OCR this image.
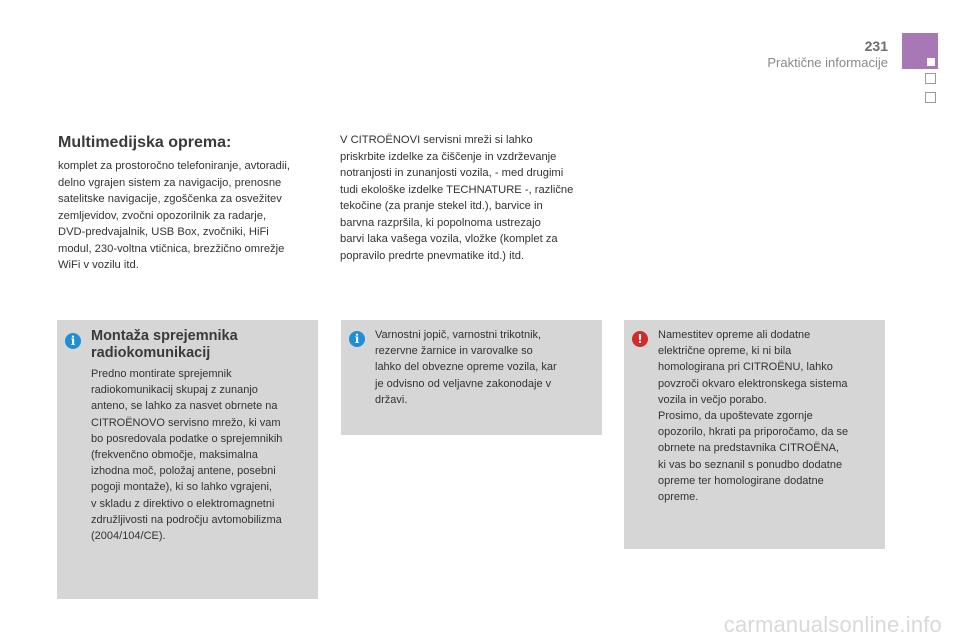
231
Praktične informacije
Multimedijska oprema:

komplet za prostoročno telefoniranje, avtoradii,
delno vgrajen sistem za navigacijo, prenosne
satelitske navigacije, zgoščenka za osvežitev
zemljevidov, zvočni opozorilnik za radarje,
DVD-predvajalnik, USB Box, zvočniki, HiFi
modul, 230-voltna vtičnica, brezžično omrežje
WiFi v vozilu itd.

V CITROËNOVI servisni mreži si lahko
priskrbite izdelke za čiščenje in vzdrževanje
notranjosti in zunanjosti vozila, - med drugimi
tudi ekološke izdelke TECHNATURE -, različne
tekočine (za pranje stekel itd.), barvice in
barvna razpršila, ki popolnoma ustrezajo
barvi laka vašega vozila, vložke (komplet za
popravilo predrte pnevmatike itd.) itd.

i	Montaža sprejemnika
radiokomunikacij

Predno montirate sprejemnik
radiokomunikacij skupaj z zunanjo
anteno, se lahko za nasvet obrnete na
CITROËNOVO servisno mrežo, ki vam
bo posredovala podatke o sprejemnikih
(frekvenčno območje, maksimalna
izhodna moč, položaj antene, posebni
pogoji montaže), ki so lahko vgrajeni,
v skladu z direktivo o elektromagnetni
združljivosti na področju avtomobilizma
(2004/104/CE).

i	Varnostni jopič, varnostni trikotnik,
rezervne žarnice in varovalke so
lahko del obvezne opreme vozila, kar
je odvisno od veljavne zakonodaje v
državi.

!	Namestitev opreme ali dodatne
električne opreme, ki ni bila
homologirana pri CITROËNU, lahko
povzroči okvaro elektronskega sistema
vozila in večjo porabo.
Prosimo, da upoštevate zgornje
opozorilo, hkrati pa priporočamo, da se
obrnete na predstavnika CITROËNA,
ki vas bo seznanil s ponudbo dodatne
opreme ter homologirane dodatne
opreme.

carmanualsonline.info
